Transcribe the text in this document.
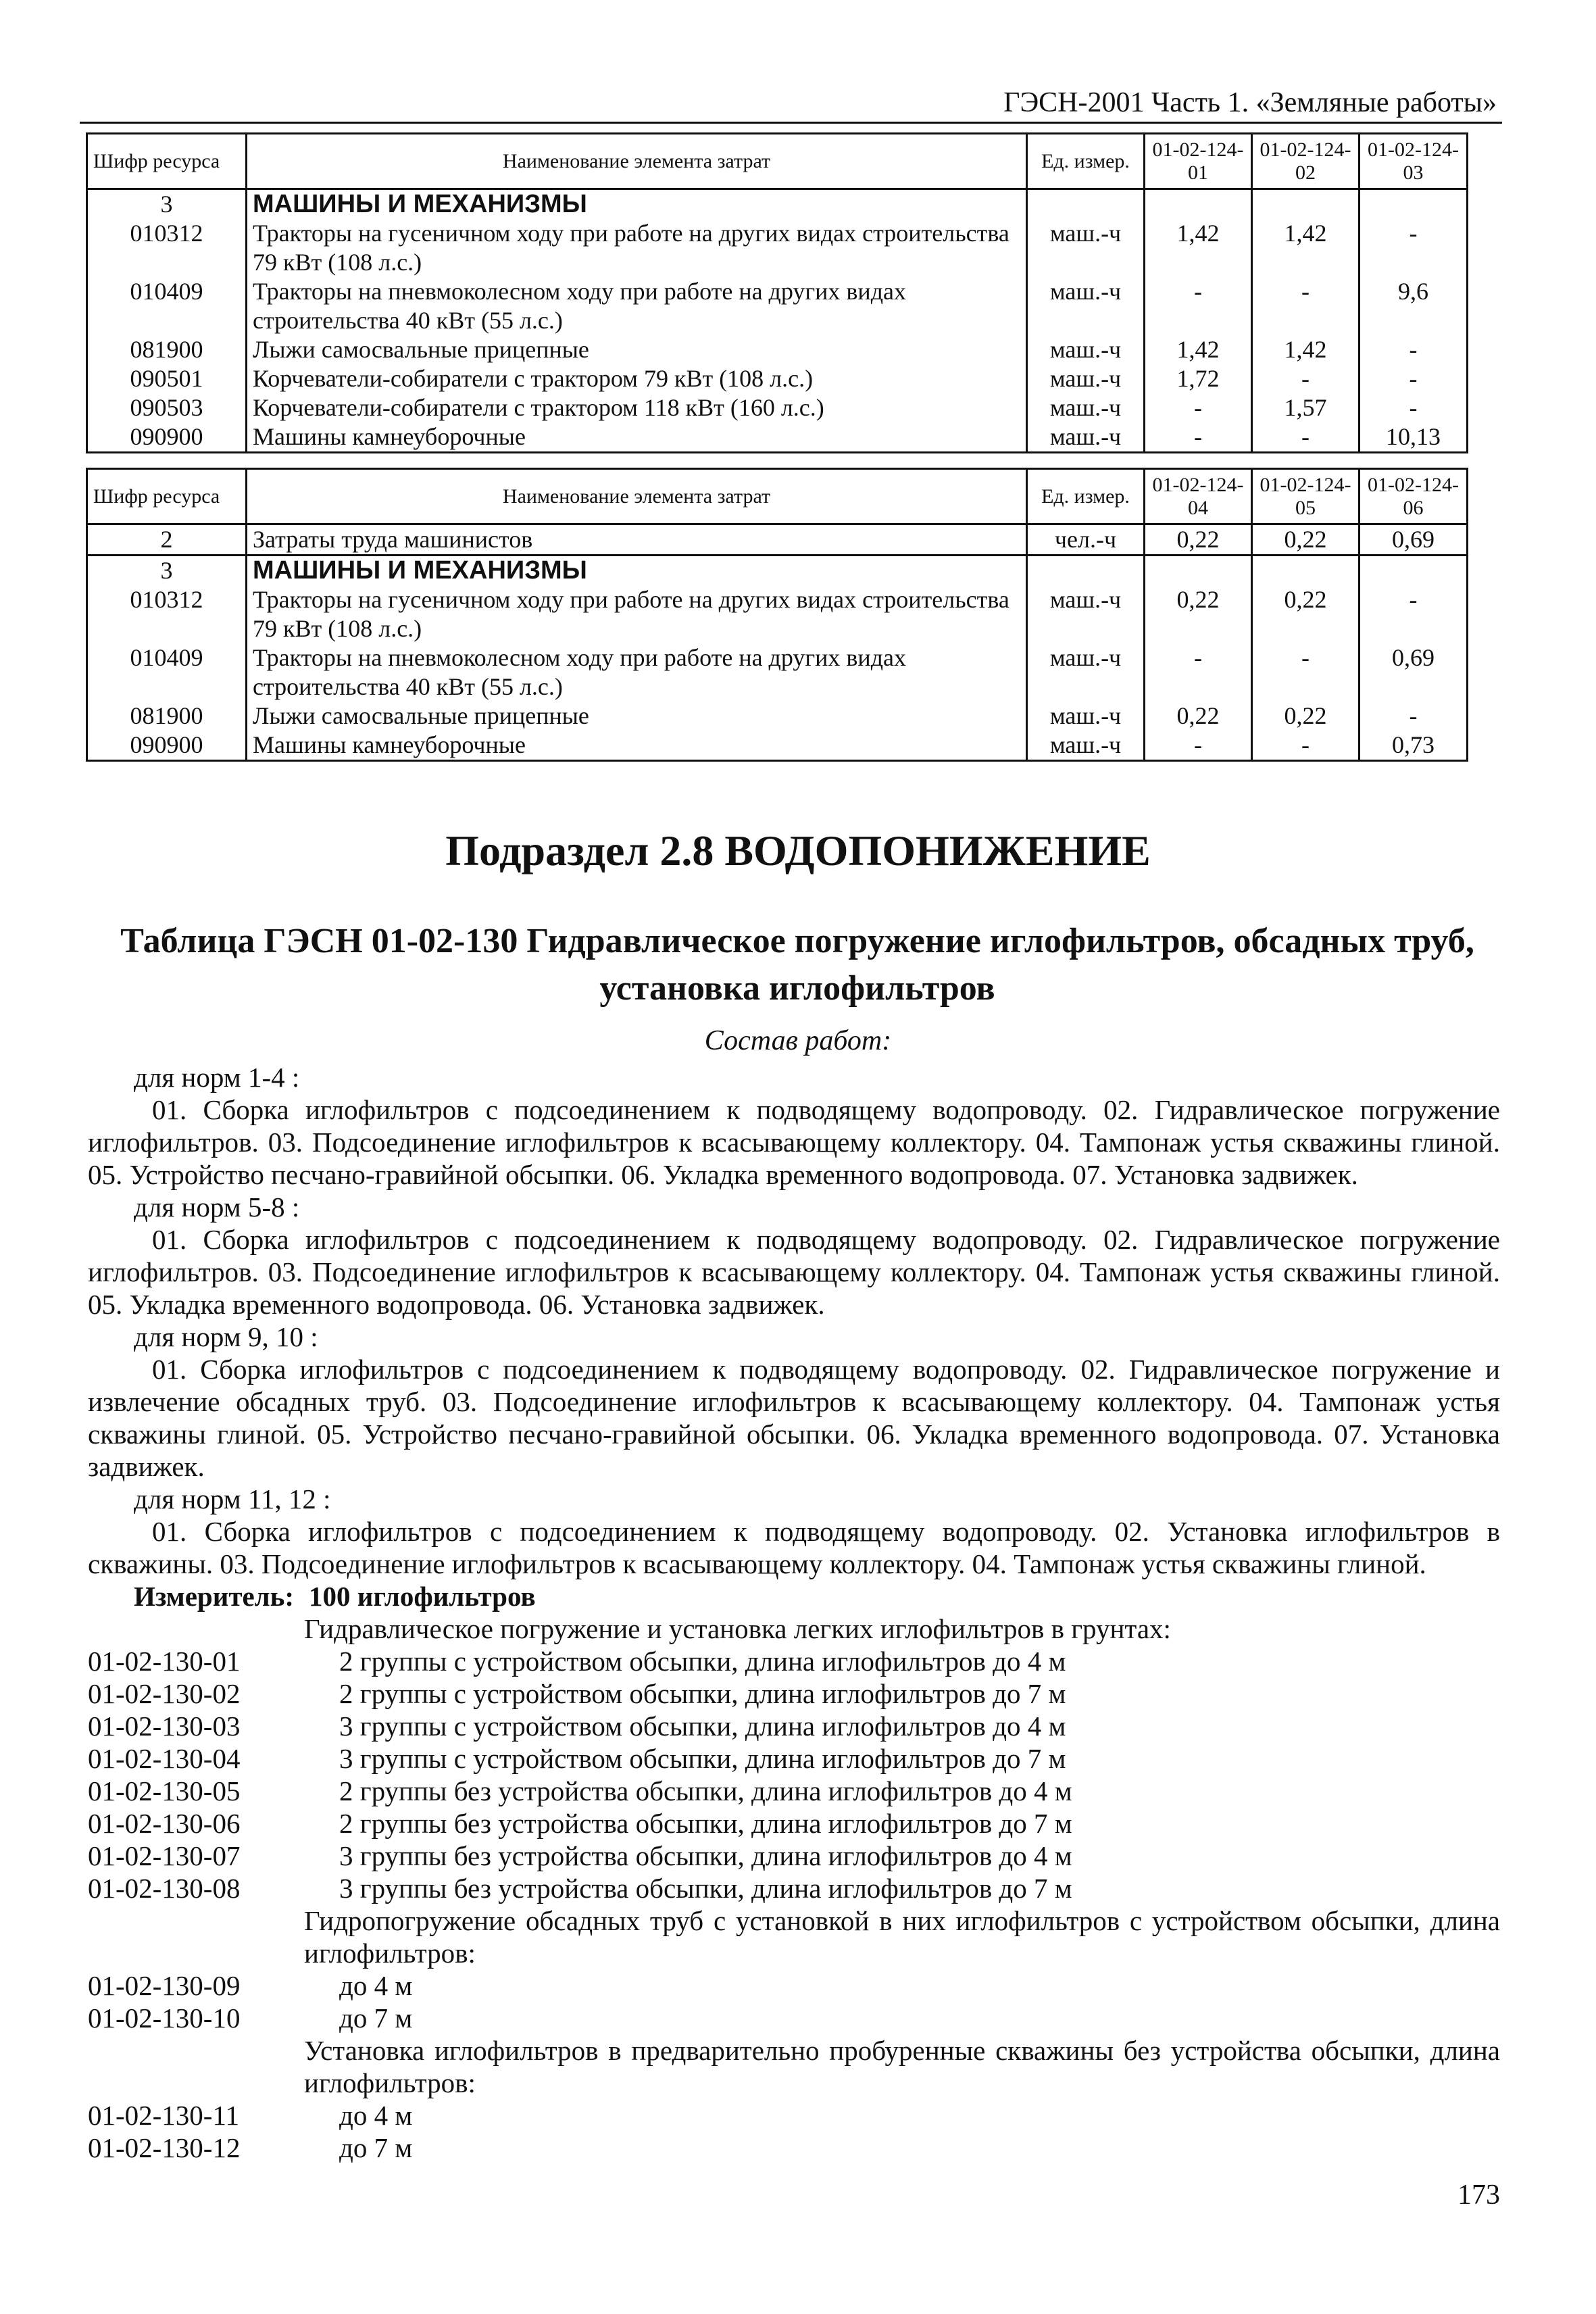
ГЭСН-2001 Часть 1. «Земляные работы»
Шифр ресурса	Наименование элемента затрат	Ед. измер.	01-02-124-01	01-02-124-02	01-02-124-03
3	МАШИНЫ И МЕХАНИЗМЫ				
010312	Тракторы на гусеничном ходу при работе на других видах строительства 79 кВт (108 л.с.)	маш.-ч	1,42	1,42	-
010409	Тракторы на пневмоколесном ходу при работе на других видах строительства 40 кВт (55 л.с.)	маш.-ч	-	-	9,6
081900	Лыжи самосвальные прицепные	маш.-ч	1,42	1,42	-
090501	Корчеватели-собиратели с трактором 79 кВт (108 л.с.)	маш.-ч	1,72	-	-
090503	Корчеватели-собиратели с трактором 118 кВт (160 л.с.)	маш.-ч	-	1,57	-
090900	Машины камнеуборочные	маш.-ч	-	-	10,13
Шифр ресурса	Наименование элемента затрат	Ед. измер.	01-02-124-04	01-02-124-05	01-02-124-06
2	Затраты труда машинистов	чел.-ч	0,22	0,22	0,69
3	МАШИНЫ И МЕХАНИЗМЫ				
010312	Тракторы на гусеничном ходу при работе на других видах строительства 79 кВт (108 л.с.)	маш.-ч	0,22	0,22	-
010409	Тракторы на пневмоколесном ходу при работе на других видах строительства 40 кВт (55 л.с.)	маш.-ч	-	-	0,69
081900	Лыжи самосвальные прицепные	маш.-ч	0,22	0,22	-
090900	Машины камнеуборочные	маш.-ч	-	-	0,73
Подраздел 2.8 ВОДОПОНИЖЕНИЕ
Таблица ГЭСН 01-02-130 Гидравлическое погружение иглофильтров, обсадных труб, установка иглофильтров
Состав работ:
для норм 1-4 :
01. Сборка иглофильтров с подсоединением к подводящему водопроводу. 02. Гидравлическое погружение иглофильтров. 03. Подсоединение иглофильтров к всасывающему коллектору. 04. Тампонаж устья скважины глиной. 05. Устройство песчано-гравийной обсыпки. 06. Укладка временного водопровода. 07. Установка задвижек.
для норм 5-8 :
01. Сборка иглофильтров с подсоединением к подводящему водопроводу. 02. Гидравлическое погружение иглофильтров. 03. Подсоединение иглофильтров к всасывающему коллектору. 04. Тампонаж устья скважины глиной. 05. Укладка временного водопровода. 06. Установка задвижек.
для норм 9, 10 :
01. Сборка иглофильтров с подсоединением к подводящему водопроводу. 02. Гидравлическое погружение и извлечение обсадных труб. 03. Подсоединение иглофильтров к всасывающему коллектору. 04. Тампонаж устья скважины глиной. 05. Устройство песчано-гравийной обсыпки. 06. Укладка временного водопровода. 07. Установка задвижек.
для норм 11, 12 :
01. Сборка иглофильтров с подсоединением к подводящему водопроводу. 02. Установка иглофильтров в скважины. 03. Подсоединение иглофильтров к всасывающему коллектору. 04. Тампонаж устья скважины глиной.
Измеритель: 100 иглофильтров
Гидравлическое погружение и установка легких иглофильтров в грунтах:
01-02-130-01	2 группы с устройством обсыпки, длина иглофильтров до 4 м
01-02-130-02	2 группы с устройством обсыпки, длина иглофильтров до 7 м
01-02-130-03	3 группы с устройством обсыпки, длина иглофильтров до 4 м
01-02-130-04	3 группы с устройством обсыпки, длина иглофильтров до 7 м
01-02-130-05	2 группы без устройства обсыпки, длина иглофильтров до 4 м
01-02-130-06	2 группы без устройства обсыпки, длина иглофильтров до 7 м
01-02-130-07	3 группы без устройства обсыпки, длина иглофильтров до 4 м
01-02-130-08	3 группы без устройства обсыпки, длина иглофильтров до 7 м
Гидропогружение обсадных труб с установкой в них иглофильтров с устройством обсыпки, длина иглофильтров:
01-02-130-09	до 4 м
01-02-130-10	до 7 м
Установка иглофильтров в предварительно пробуренные скважины без устройства обсыпки, длина иглофильтров:
01-02-130-11	до 4 м
01-02-130-12	до 7 м
173
